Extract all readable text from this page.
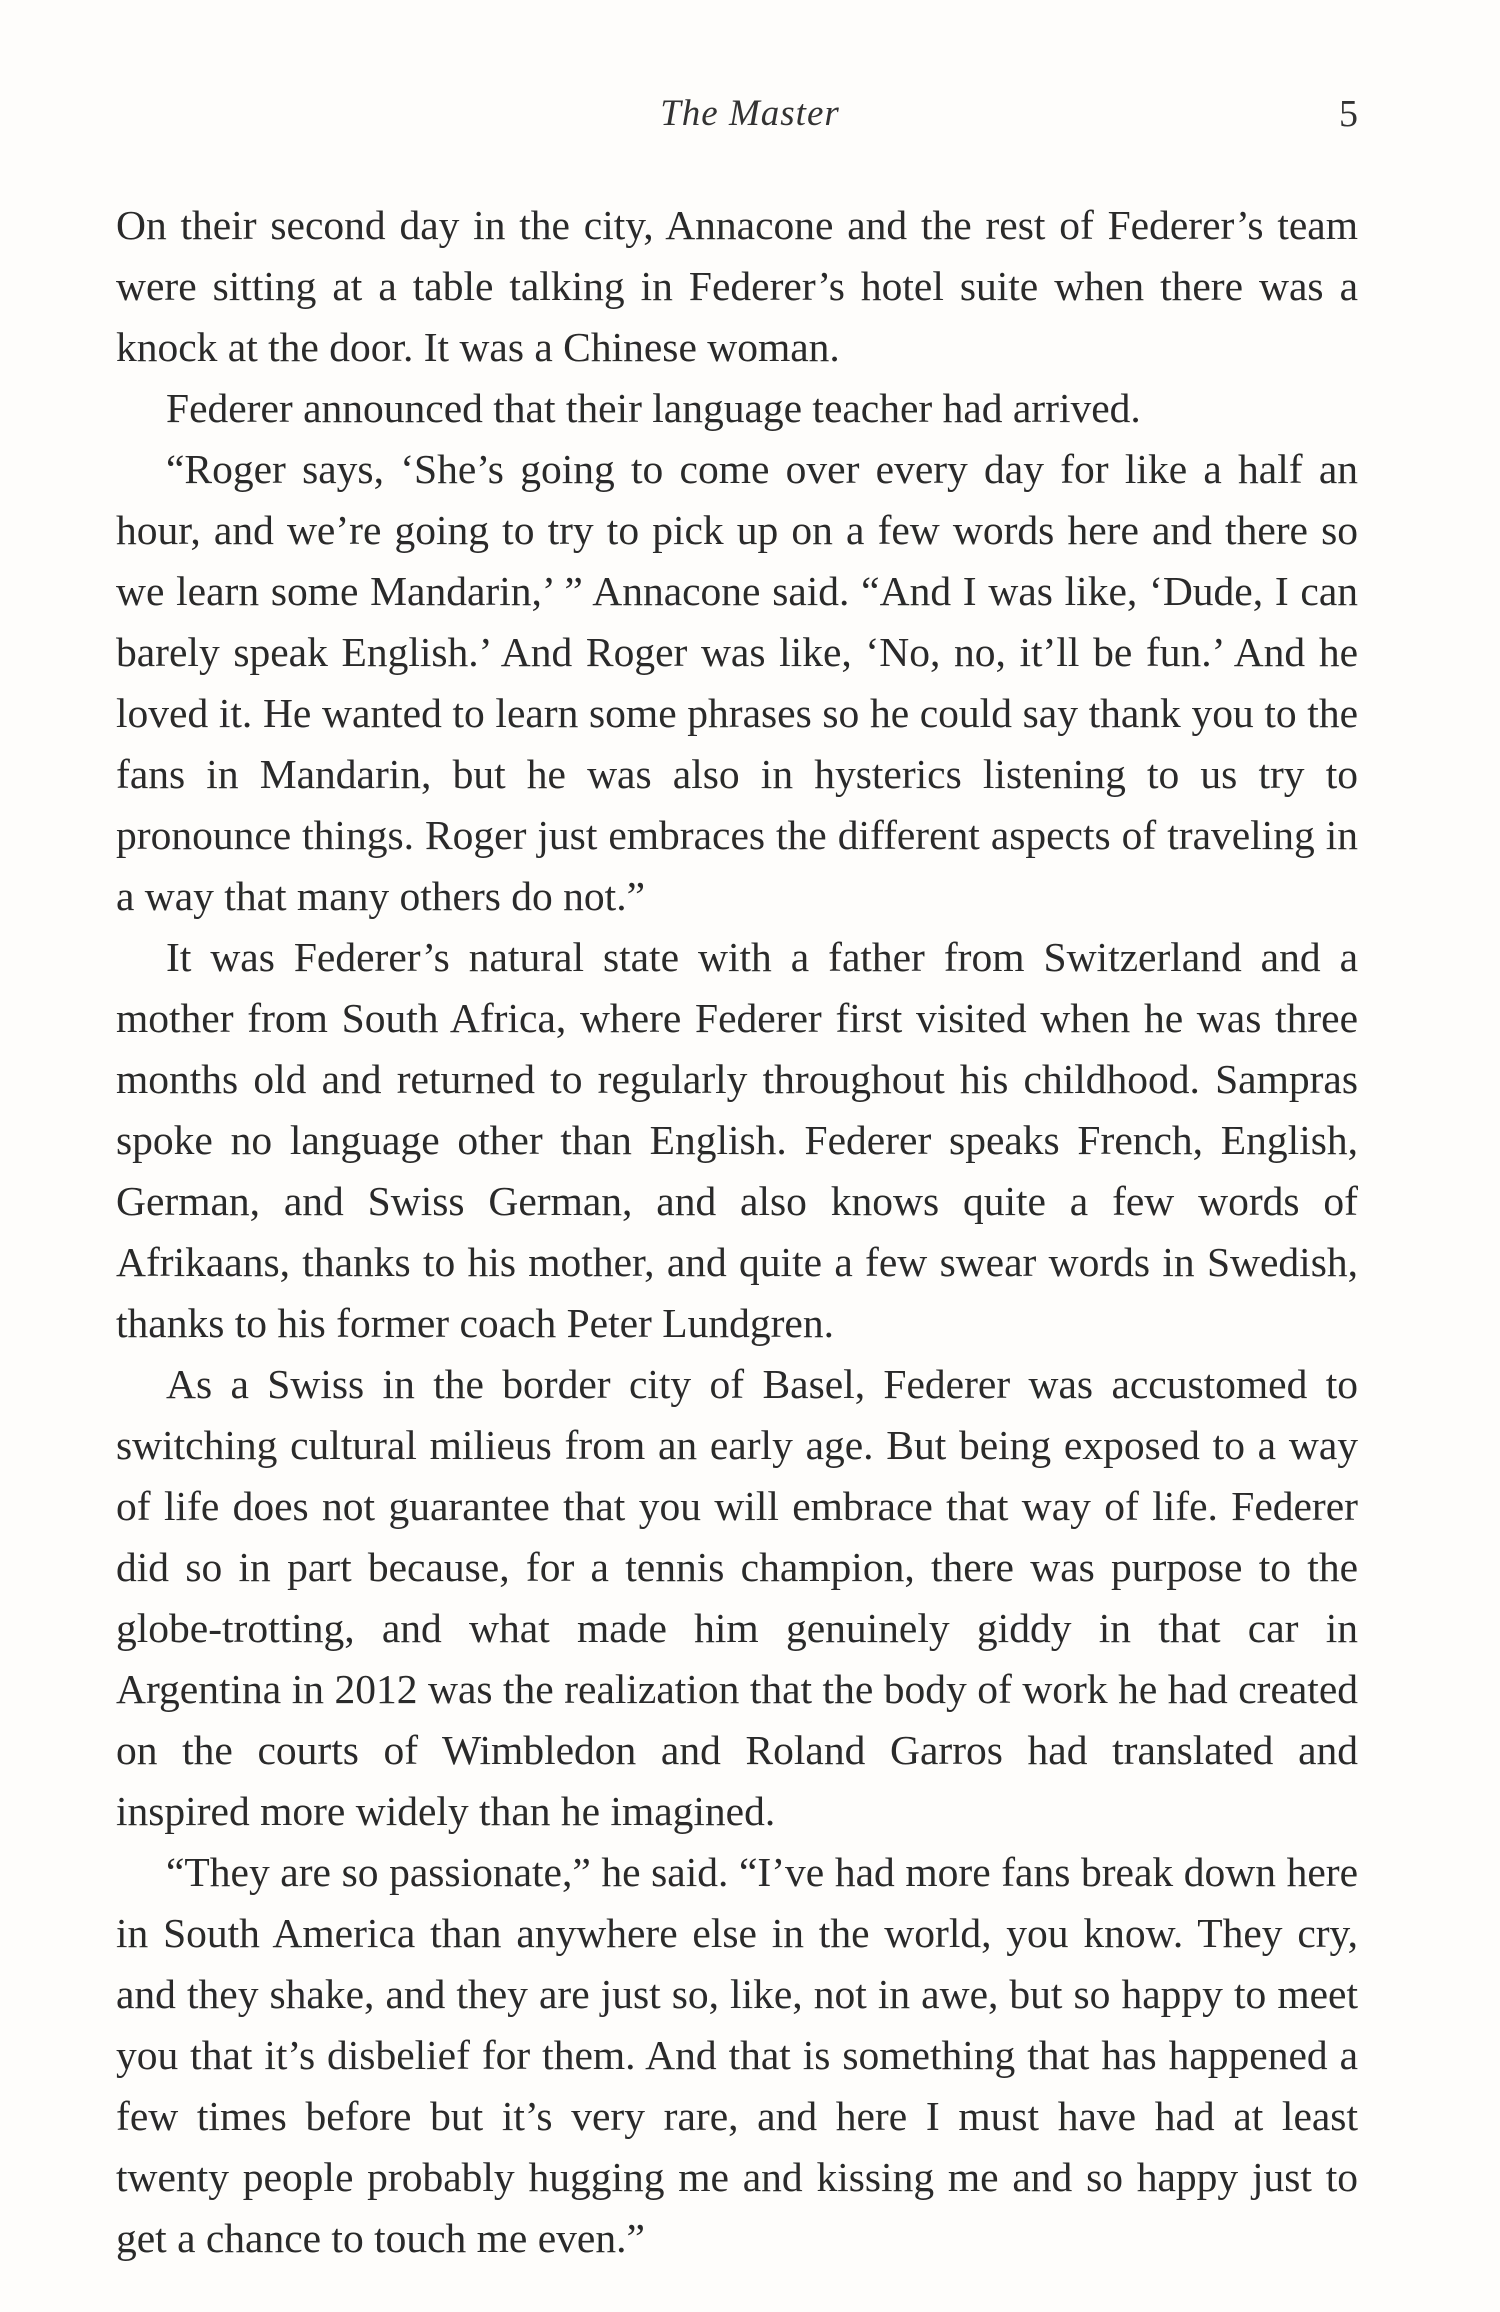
The Master	5

On their second day in the city, Annacone and the rest of Federer’s team were sitting at a table talking in Federer’s hotel suite when there was a knock at the door. It was a Chinese woman.

Federer announced that their language teacher had arrived.

“Roger says, ‘She’s going to come over every day for like a half an hour, and we’re going to try to pick up on a few words here and there so we learn some Mandarin,’ ” Annacone said. “And I was like, ‘Dude, I can barely speak English.’ And Roger was like, ‘No, no, it’ll be fun.’ And he loved it. He wanted to learn some phrases so he could say thank you to the fans in Mandarin, but he was also in hysterics listening to us try to pronounce things. Roger just embraces the different aspects of traveling in a way that many others do not.”

It was Federer’s natural state with a father from Switzerland and a mother from South Africa, where Federer first visited when he was three months old and returned to regularly throughout his childhood. Sampras spoke no language other than English. Federer speaks French, English, German, and Swiss German, and also knows quite a few words of Afrikaans, thanks to his mother, and quite a few swear words in Swedish, thanks to his former coach Peter Lundgren.

As a Swiss in the border city of Basel, Federer was accustomed to switching cultural milieus from an early age. But being exposed to a way of life does not guarantee that you will embrace that way of life. Federer did so in part because, for a tennis champion, there was purpose to the globe-trotting, and what made him genuinely giddy in that car in Argentina in 2012 was the realization that the body of work he had created on the courts of Wimbledon and Roland Garros had translated and inspired more widely than he imagined.

“They are so passionate,” he said. “I’ve had more fans break down here in South America than anywhere else in the world, you know. They cry, and they shake, and they are just so, like, not in awe, but so happy to meet you that it’s disbelief for them. And that is something that has happened a few times before but it’s very rare, and here I must have had at least twenty people probably hugging me and kissing me and so happy just to get a chance to touch me even.”
